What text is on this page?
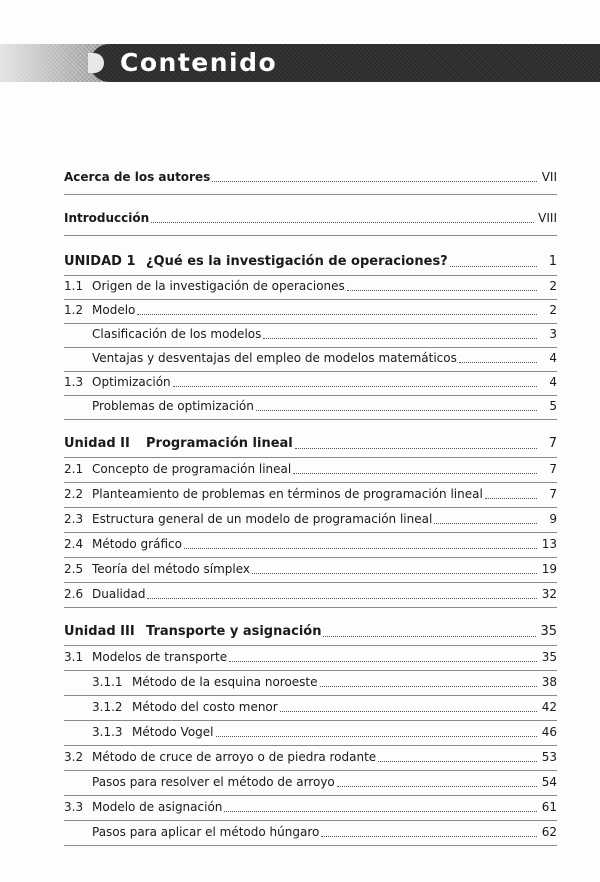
Contenido
Acerca de los autores	VII
Introducción	VIII
UNIDAD 1 ¿Qué es la investigación de operaciones?	1
1.1 Origen de la investigación de operaciones	2
1.2 Modelo	2
Clasificación de los modelos	3
Ventajas y desventajas del empleo de modelos matemáticos	4
1.3 Optimización	4
Problemas de optimización	5
Unidad II	Programación lineal	7
2.1 Concepto de programación lineal	7
2.2 Planteamiento de problemas en términos de programación lineal	7
2.3 Estructura general de un modelo de programación lineal	9
2.4 Método gráfico	13
2.5 Teoría del método símplex	19
2.6 Dualidad	32
Unidad III Transporte y asignación	35
3.1 Modelos de transporte	35
3.1.1 Método de la esquina noroeste	38
3.1.2 Método del costo menor	42
3.1.3 Método Vogel	46
3.2 Método de cruce de arroyo o de piedra rodante	53
Pasos para resolver el método de arroyo	54
3.3 Modelo de asignación	61
Pasos para aplicar el método húngaro	62
